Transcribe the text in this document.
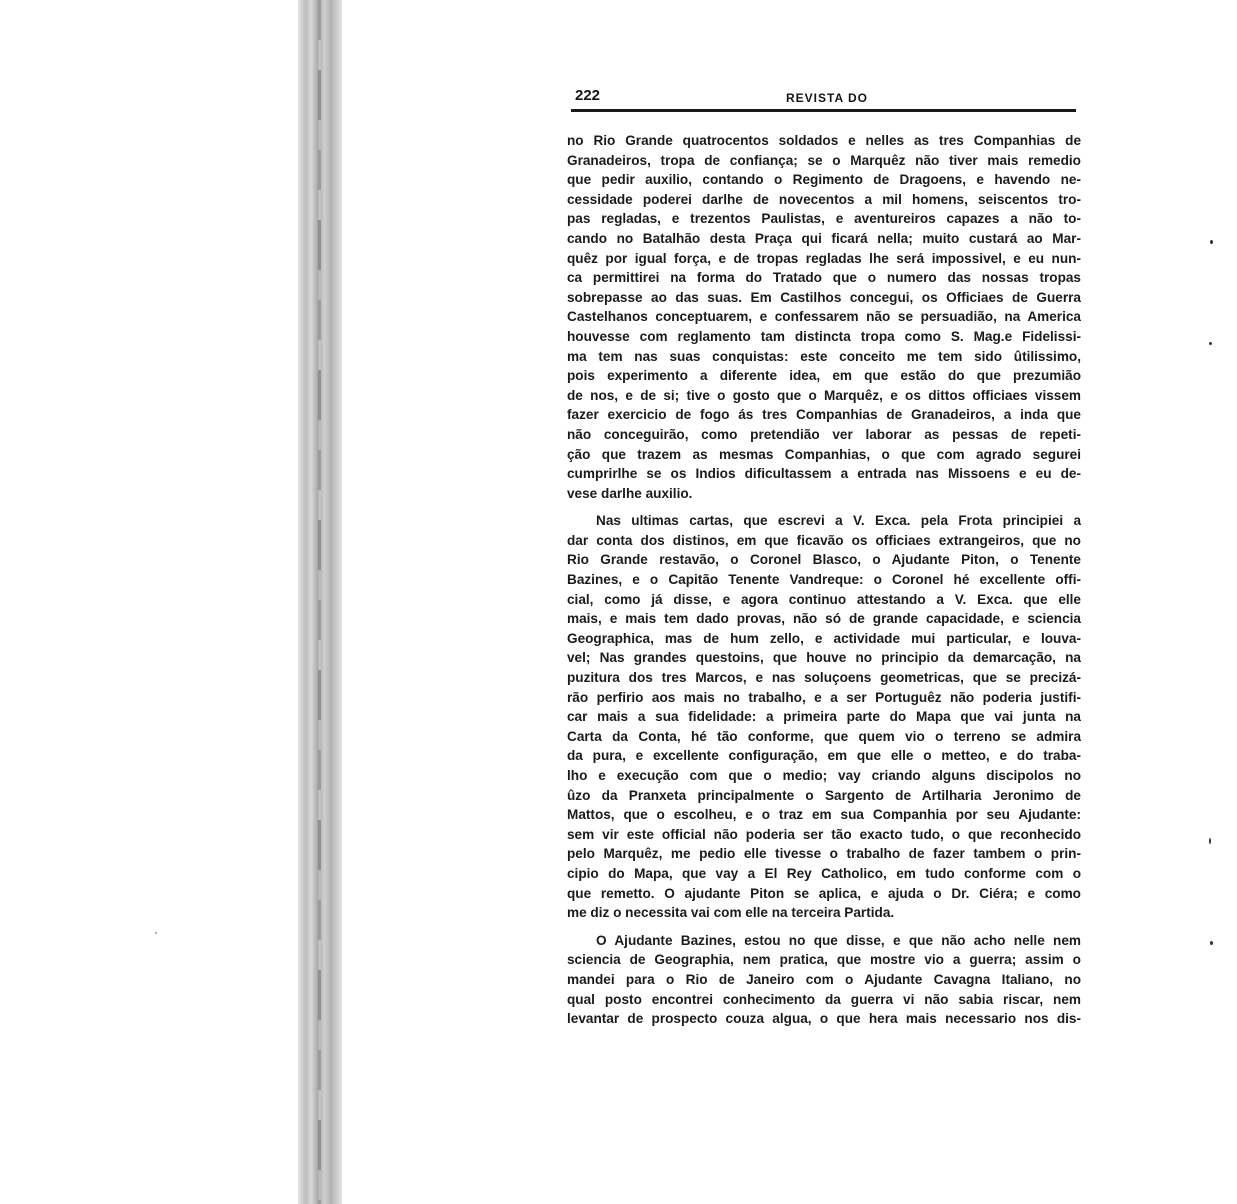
222	REVISTA DO
no Rio Grande quatrocentos soldados e nelles as tres Companhias de
Granadeiros, tropa de confiança; se o Marquêz não tiver mais remedio
que pedir auxilio, contando o Regimento de Dragoens, e havendo ne-
cessidade poderei darlhe de novecentos a mil homens, seiscentos tro-
pas regladas, e trezentos Paulistas, e aventureiros capazes a não to-
cando no Batalhão desta Praça qui ficará nella; muito custará ao Mar-
quêz por igual força, e de tropas regladas lhe será impossivel, e eu nun-
ca permittirei na forma do Tratado que o numero das nossas tropas
sobrepasse ao das suas. Em Castilhos concegui, os Officiaes de Guerra
Castelhanos conceptuarem, e confessarem não se persuadião, na America
houvesse com reglamento tam distincta tropa como S. Mag.e Fidelissi-
ma tem nas suas conquistas: este conceito me tem sido ûtilissimo,
pois experimento a diferente idea, em que estão do que prezumião
de nos, e de si; tive o gosto que o Marquêz, e os dittos officiaes vissem
fazer exercicio de fogo ás tres Companhias de Granadeiros, a inda que
não conceguirão, como pretendião ver laborar as pessas de repeti-
ção que trazem as mesmas Companhias, o que com agrado segurei
cumprirlhe se os Indios dificultassem a entrada nas Missoens e eu de-
vese darlhe auxilio.
Nas ultimas cartas, que escrevi a V. Exca. pela Frota principiei a
dar conta dos distinos, em que ficavão os officiaes extrangeiros, que no
Rio Grande restavão, o Coronel Blasco, o Ajudante Piton, o Tenente
Bazines, e o Capitão Tenente Vandreque: o Coronel hé excellente offi-
cial, como já disse, e agora continuo attestando a V. Exca. que elle
mais, e mais tem dado provas, não só de grande capacidade, e sciencia
Geographica, mas de hum zello, e actividade mui particular, e louva-
vel; Nas grandes questoins, que houve no principio da demarcação, na
puzitura dos tres Marcos, e nas soluçoens geometricas, que se precizá-
rão perfirio aos mais no trabalho, e a ser Portuguêz não poderia justifi-
car mais a sua fidelidade: a primeira parte do Mapa que vai junta na
Carta da Conta, hé tão conforme, que quem vio o terreno se admira
da pura, e excellente configuração, em que elle o metteo, e do traba-
lho e execução com que o medio; vay criando alguns discipolos no
ûzo da Pranxeta principalmente o Sargento de Artilharia Jeronimo de
Mattos, que o escolheu, e o traz em sua Companhia por seu Ajudante:
sem vir este official não poderia ser tão exacto tudo, o que reconhecido
pelo Marquêz, me pedio elle tivesse o trabalho de fazer tambem o prin-
cipio do Mapa, que vay a El Rey Catholico, em tudo conforme com o
que remetto. O ajudante Piton se aplica, e ajuda o Dr. Ciéra; e como
me diz o necessita vai com elle na terceira Partida.
O Ajudante Bazines, estou no que disse, e que não acho nelle nem
sciencia de Geographia, nem pratica, que mostre vio a guerra; assim o
mandei para o Rio de Janeiro com o Ajudante Cavagna Italiano, no
qual posto encontrei conhecimento da guerra vi não sabia riscar, nem
levantar de prospecto couza algua, o que hera mais necessario nos dis-
